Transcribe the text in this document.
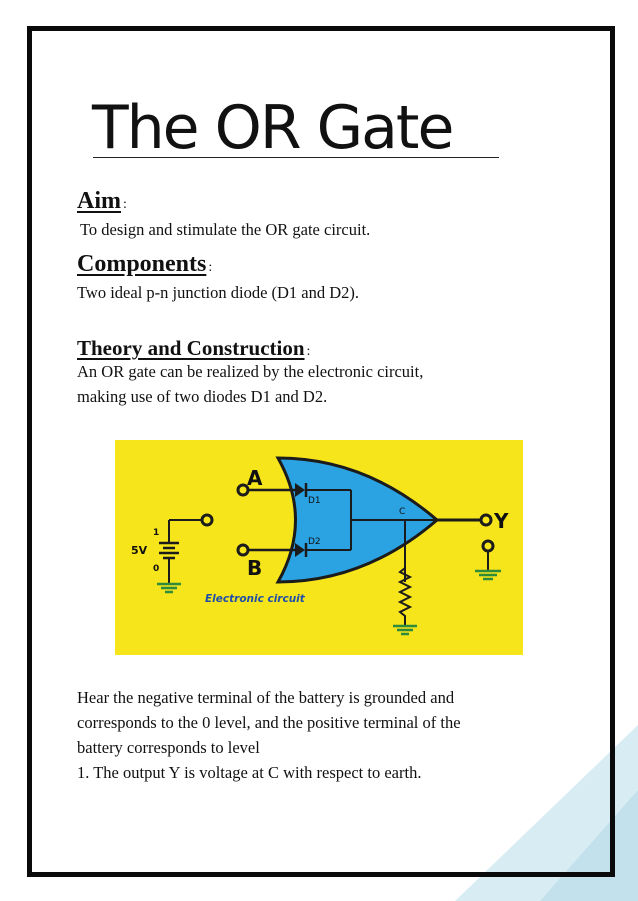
The OR Gate
Aim :
To design and stimulate the OR gate circuit.
Components :
Two ideal p-n junction diode (D1 and D2).
Theory and Construction :
An OR gate can be realized by the electronic circuit,
making use of two diodes D1 and D2.
A
B
Y
D1
D2
C
5V
1
0
Electronic circuit
Hear the negative terminal of the battery is grounded and
corresponds to the 0 level, and the positive terminal of the
battery corresponds to level
1. The output Y is voltage at C with respect to earth.
